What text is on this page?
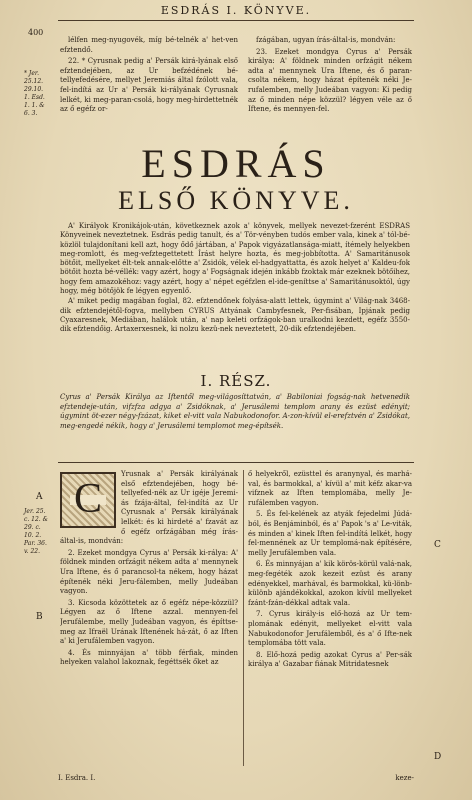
ESDRÁS I. KÖNYVE.
400
* Jer. 25.12. 29.10. 1. Esd. 1. 1. & 6. 3.

lélfen meg-nyugovék, míg bé-telnék a' het-ven efztendő.

22. * Cyrusnak pedig a' Persák kirá-lyának első efztendejében, az Ur befzédének bé-tellyefedésére, mellyet Jeremiás által fzólott vala, fel-indítá az Ur a' Persák ki-rályának Cyrusnak lelkét, ki meg-paran-csolá, hogy meg-hirdettetnék az ő egéfz or-

fzágában, ugyan írás-által-is, mondván:

23. Ezeket mondgya Cyrus a' Persák királya: A' földnek minden orfzágit nékem adta a' mennynek Ura Iftene, és ő paran-csolta nékem, hogy házat építenék néki Je-rufalemben, melly Judeában vagyon: Ki pedig az ő minden népe közzül? légyen véle az ő Iftene, és mennyen-fel.

ESDRÁS
ELSŐ KÖNYVE.

A' Királyok Kronikájok-után, következnek azok a' könyvek, mellyek nevezet-fzerént ESDRÁS Könyveinek neveztetnek. Esdrás pedig tanult, és a' Tör-vényben tudós ember vala, kinek a' tól-bé-közlöl tulajdonítani kell azt, hogy ődő jártában, a' Papok vigyázatlansága-miatt, ítémely helyekben meg-romlott, és meg-vefztegettetett Írást helyre hozta, és meg-jobbította. A' Samaritánusok bötőit, mellyeket élt-tek annak-előtte a' Zsidók, vélek el-hadgyattatta, és azok helyet a' Kaldeu-fok bötőit hozta bé-véllék: vagy azért, hogy a' Fogságnak idején inkább fzoktak már ezeknek bötőihez, hogy fem amazokéhoz: vagy azért, hogy a' népet egéfzlen el-ide-geníttse a' Samaritánusoktól, úgy hogy, még bötőjök fe légyen egyenlő.

A' miket pedig magában foglal, 82. efztendőnek folyása-alatt lettek, úgymint a' Világ-nak 3468-dik efztendejétől-fogva, mellyben CYRUS Attyának Cambyfesnek, Per-fisában, Ipjának pedig Cyaxaresnek, Mediában, halálok után, a' nap keleti orfzágok-ban uralkodni kezdett, egéfz 3550-dik efztendőig. Artaxerxesnek, ki nolzu kezü-nek neveztetett, 20-dik efztendejében.

I. RÉSZ.
Cyrus a' Persák Királya az Iftentől meg-világosíttatván, a' Babiloniai fogság-nak hetvenedik efztendeje-után, vifzfza adgya a' Zsidóknak, a' Jerusálemi templom arany és ezüst edényit; úgymint öt-ezer négy-fzázat, kiket el-vitt vala Nabukodonofor. A-zon-kívül el-erefztvén a' Zsidókat, meg-engedé nékik, hogy a' Jerusálemi templomot meg-építsék.
A
Jer. 25. c. 12. & 29. c. 10. 2. Par. 36. v. 22.
B
C
D
C

Yrusnak a' Persák királyának első efztendejében, hogy bé-tellyefed-nék az Ur igéje Jeremi-ás fzája-által, fel-indítá az Ur Cyrusnak a' Persák királyának lelkét: és ki hirdeté a' fzavát az ő egéfz orfzágában még írás-által-is, mondván:

2. Ezeket mondgya Cyrus a' Persák ki-rálya: A' földnek minden orfzágit nékem adta a' mennynek Ura Iftene, és ő parancsol-ta nékem, hogy házat építenék néki Jeru-fálemben, melly Judeában vagyon.

3. Kicsoda közöttetek az ő egéfz népe-közzül? Légyen az ő Iftene azzal. mennyen-fel Jerufálembe, melly Judeában vagyon, és építtse-meg az Ifraël Urának Iftenének há-zát, ő az Iften a' ki Jerufálemben vagyon.

4. És minnyájan a' több férfiak, minden helyeken valahol lakoznak, fegéttsék őket az

ő helyekről, ezüsttel és aranynyal, és marhá-val, és barmokkal, a' kívül a' mit kéfz akar-va vifznek az Iften templomába, melly Je-rufálemben vagyon.

5. És fel-kelének az atyák fejedelmi Júdá-ból, és Benjáminból, és a' Papok 's a' Le-viták, és minden a' kinek Iften fel-indítá lelkét, hogy fel-mennének az Ur templomá-nak építésére, melly Jerufálemben vala.

6. És minnyájan a' kik körös-körül valá-nak, meg-fegéték azok kezeit ezüst és arany edényekkel, marhával, és barmokkal, kü-lönb-különb ajándékokkal, azokon kívül mellyeket fzánt-fzán-dékkal adtak vala.

7. Cyrus király-is elő-hozá az Ur tem-plomának edényit, mellyeket el-vitt vala Nabukodonofor Jerufálemből, és a' ő Ifte-nek templomába tött vala.

8. Elő-hozá pedig azokat Cyrus a' Per-sák királya a' Gazabar fiának Mitridatesnek

I. Esdra. I.	keze-
